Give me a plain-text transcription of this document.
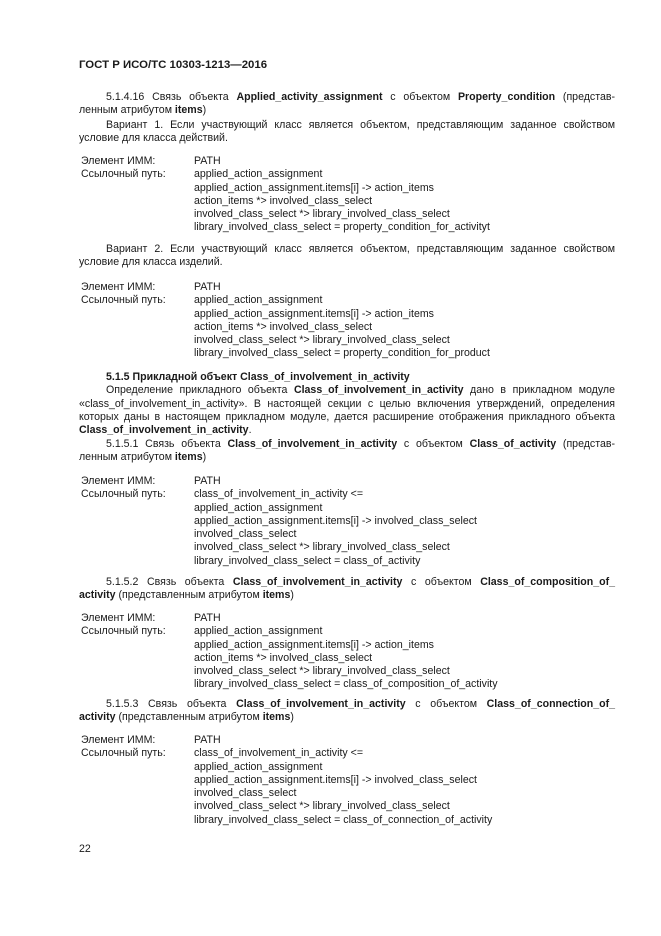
ГОСТ Р ИСО/ТС 10303-1213—2016
5.1.4.16 Связь объекта Applied_activity_assignment с объектом Property_condition (представ-
ленным атрибутом items)
Вариант 1. Если участвующий класс является объектом, представляющим заданное свойством
условие для класса действий.
Элемент ИММ:	PATH
Ссылочный путь:	applied_action_assignment
applied_action_assignment.items[i] -> action_items
action_items *> involved_class_select
involved_class_select *> library_involved_class_select
library_involved_class_select = property_condition_for_activityt
Вариант 2. Если участвующий класс является объектом, представляющим заданное свойством
условие для класса изделий.
Элемент ИММ:	PATH
Ссылочный путь:	applied_action_assignment
applied_action_assignment.items[i] -> action_items
action_items *> involved_class_select
involved_class_select *> library_involved_class_select
library_involved_class_select = property_condition_for_product
5.1.5 Прикладной объект Class_of_involvement_in_activity
Определение прикладного объекта Class_of_involvement_in_activity дано в прикладном модуле
«class_of_involvement_in_activity». В настоящей секции с целью включения утверждений, определения
которых даны в настоящем прикладном модуле, дается расширение отображения прикладного объекта
Class_of_involvement_in_activity.
5.1.5.1 Связь объекта Class_of_involvement_in_activity с объектом Class_of_activity (представ-
ленным атрибутом items)
Элемент ИММ:	PATH
Ссылочный путь:	class_of_involvement_in_activity <=
applied_action_assignment
applied_action_assignment.items[i] -> involved_class_select
involved_class_select
involved_class_select *> library_involved_class_select
library_involved_class_select = class_of_activity
5.1.5.2 Связь объекта Class_of_involvement_in_activity с объектом Class_of_composition_of_
activity (представленным атрибутом items)
Элемент ИММ:	PATH
Ссылочный путь:	applied_action_assignment
applied_action_assignment.items[i] -> action_items
action_items *> involved_class_select
involved_class_select *> library_involved_class_select
library_involved_class_select = class_of_composition_of_activity
5.1.5.3 Связь объекта Class_of_involvement_in_activity с объектом Class_of_connection_of_
activity (представленным атрибутом items)
Элемент ИММ:	PATH
Ссылочный путь:	class_of_involvement_in_activity <=
applied_action_assignment
applied_action_assignment.items[i] -> involved_class_select
involved_class_select
involved_class_select *> library_involved_class_select
library_involved_class_select = class_of_connection_of_activity
22
